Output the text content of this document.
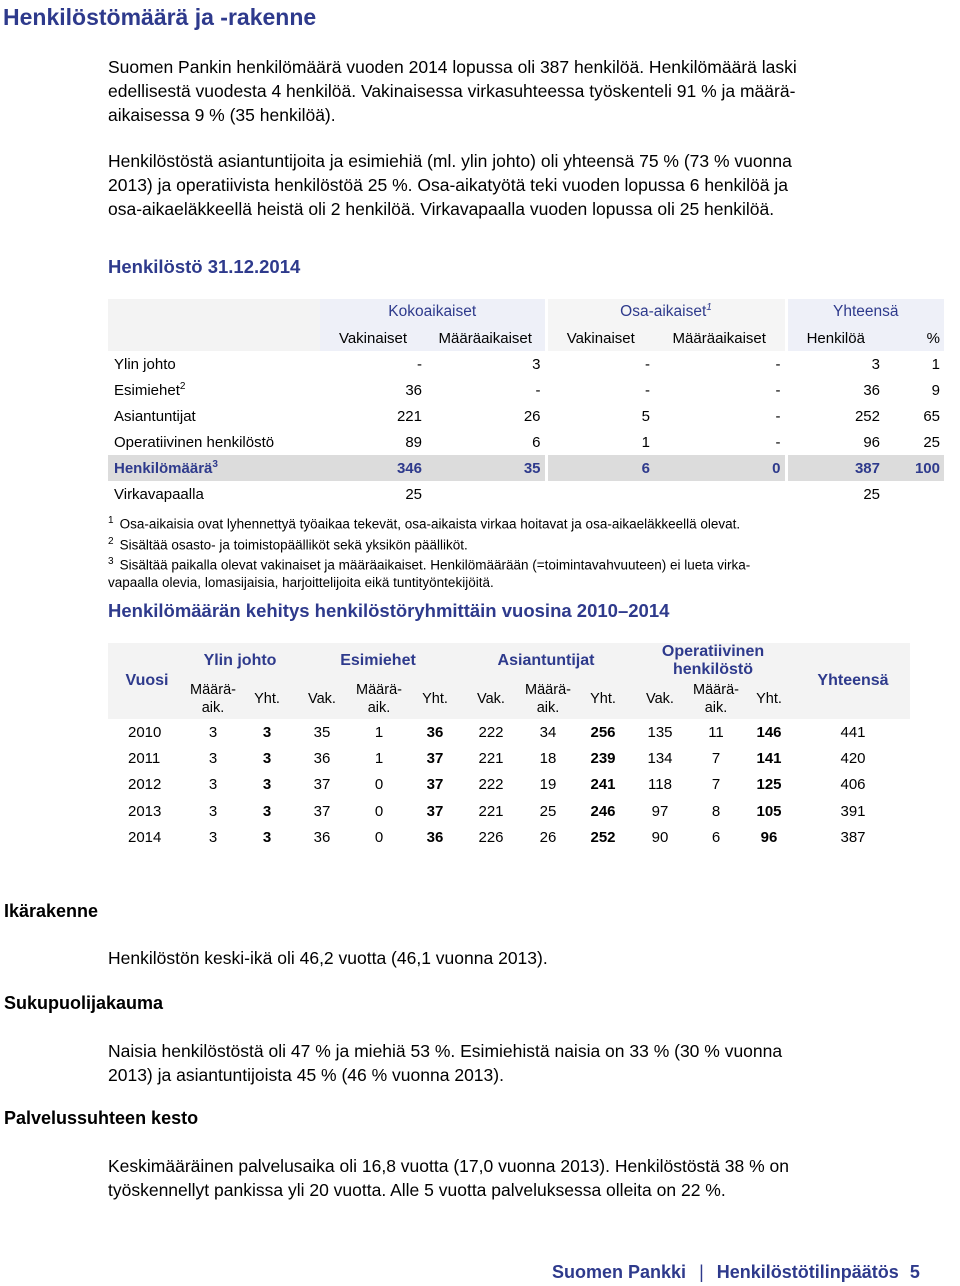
Henkilöstömäärä ja -rakenne
Suomen Pankin henkilömäärä vuoden 2014 lopussa oli 387 henkilöä. Henkilömäärä laski
edellisestä vuodesta 4 henkilöä. Vakinaisessa virkasuhteessa työskenteli 91 % ja määrä-
aikaisessa 9 % (35 henkilöä).
Henkilöstöstä asiantuntijoita ja esimiehiä (ml. ylin johto) oli yhteensä 75 % (73 % vuonna
2013) ja operatiivista henkilöstöä 25 %. Osa-aikatyötä teki vuoden lopussa 6 henkilöä ja
osa-aikaeläkkeellä heistä oli 2 henkilöä. Virkavapaalla vuoden lopussa oli 25 henkilöä.
Henkilöstö 31.12.2014
	Kokoaikaiset		Osa-aikaiset$^1$		Yhteensä	
	Vakinaiset	Määräaikaiset	Vakinaiset	Määräaikaiset	Henkilöä	%
Ylin johto	-	3	-	-	3	1
Esimiehet$^2$	36	-	-	-	36	9
Asiantuntijat	221	26	5	-	252	65
Operatiivinen henkilöstö	89	6	1	-	96	25
Henkilömäärä$^3$	346	35	6	0	387	100
Virkavapaalla	25				25	
$^1$ Osa-aikaisia ovat lyhennettyä työaikaa tekevät, osa-aikaista virkaa hoitavat ja osa-aikaeläkkeellä olevat.
$^2$ Sisältää osasto- ja toimistopäälliköt sekä yksikön päälliköt.
$^3$ Sisältää paikalla olevat vakinaiset ja määräaikaiset. Henkilömäärään (=toimintavahvuuteen) ei lueta virka-
vapaalla olevia, lomasijaisia, harjoittelijoita eikä tuntityöntekijöitä.
Henkilömäärän kehitys henkilöstöryhmittäin vuosina 2010–2014
Vuosi	Ylin johto		Esimiehet			Asiantuntijat			Operatiivinen henkilöstö			Yhteensä
	Määrä-aik.	Yht.	Vak.	Määrä-aik.	Yht.	Vak.	Määrä-aik.	Yht.	Vak.	Määrä-aik.	Yht.	
2010	3	3	35	1	36	222	34	256	135	11	146	441
2011	3	3	36	1	37	221	18	239	134	7	141	420
2012	3	3	37	0	37	222	19	241	118	7	125	406
2013	3	3	37	0	37	221	25	246	97	8	105	391
2014	3	3	36	0	36	226	26	252	90	6	96	387
Ikärakenne
Henkilöstön keski-ikä oli 46,2 vuotta (46,1 vuonna 2013).
Sukupuolijakauma
Naisia henkilöstöstä oli 47 % ja miehiä 53 %. Esimiehistä naisia on 33 % (30 % vuonna
2013) ja asiantuntijoista 45 % (46 % vuonna 2013).
Palvelussuhteen kesto
Keskimääräinen palvelusaika oli 16,8 vuotta (17,0 vuonna 2013). Henkilöstöstä 38 % on
työskennellyt pankissa yli 20 vuotta. Alle 5 vuotta palveluksessa olleita on 22 %.
Suomen Pankki | Henkilöstötilinpäätös 5
